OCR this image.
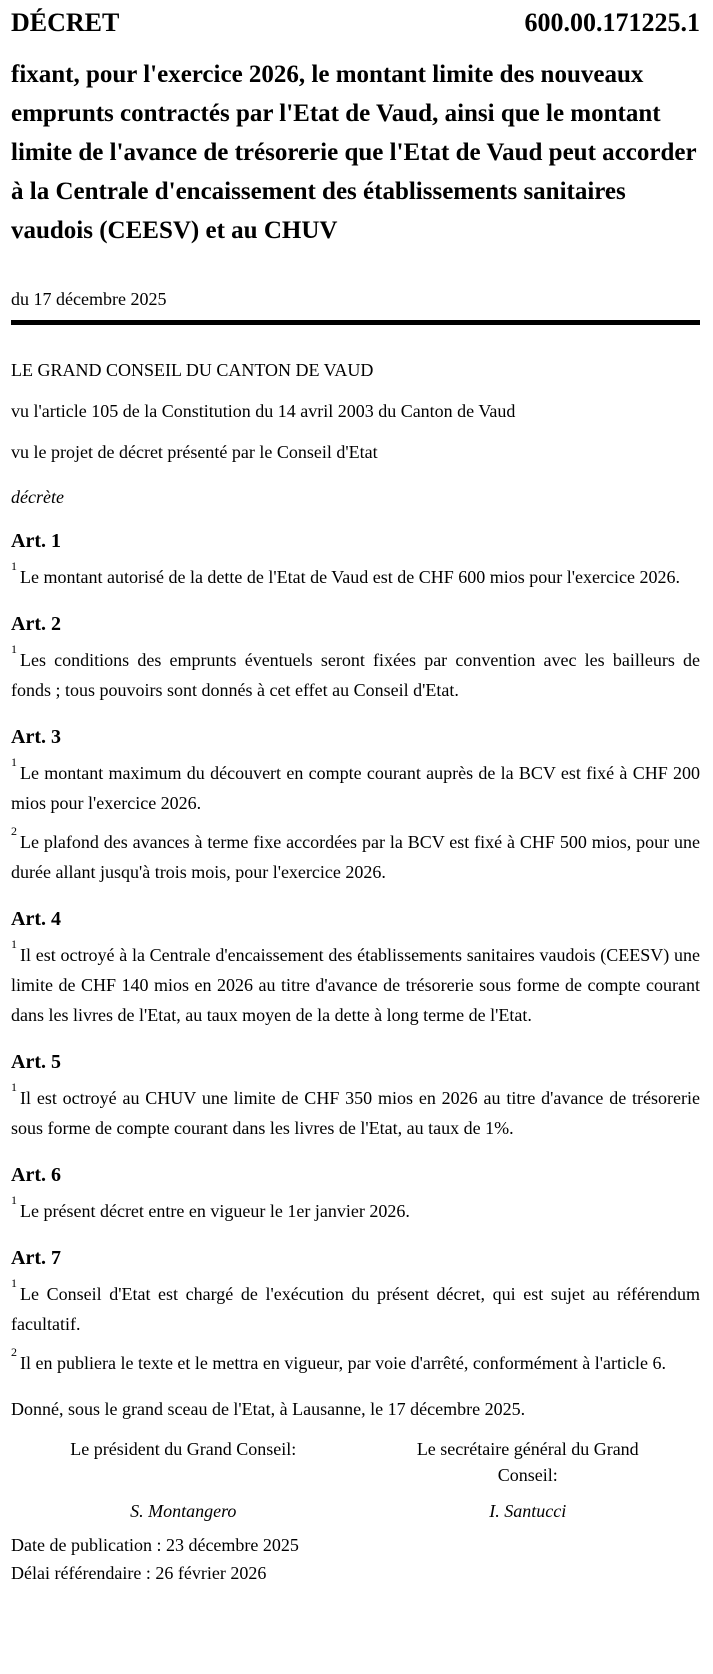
DÉCRET	600.00.171225.1
fixant, pour l'exercice 2026, le montant limite des nouveaux emprunts contractés par l'Etat de Vaud, ainsi que le montant limite de l'avance de trésorerie que l'Etat de Vaud peut accorder à la Centrale d'encaissement des établissements sanitaires vaudois (CEESV) et au CHUV
du 17 décembre 2025
LE GRAND CONSEIL DU CANTON DE VAUD
vu l'article 105 de la Constitution du 14 avril 2003 du Canton de Vaud
vu le projet de décret présenté par le Conseil d'Etat
décrète
Art. 1

$^1$Le montant autorisé de la dette de l'Etat de Vaud est de CHF 600 mios pour l'exercice 2026.

Art. 2

$^1$Les conditions des emprunts éventuels seront fixées par convention avec les bailleurs de fonds ; tous pouvoirs sont donnés à cet effet au Conseil d'Etat.

Art. 3

$^1$Le montant maximum du découvert en compte courant auprès de la BCV est fixé à CHF 200 mios pour l'exercice 2026.

$^2$Le plafond des avances à terme fixe accordées par la BCV est fixé à CHF 500 mios, pour une durée allant jusqu'à trois mois, pour l'exercice 2026.

Art. 4

$^1$Il est octroyé à la Centrale d'encaissement des établissements sanitaires vaudois (CEESV) une limite de CHF 140 mios en 2026 au titre d'avance de trésorerie sous forme de compte courant dans les livres de l'Etat, au taux moyen de la dette à long terme de l'Etat.

Art. 5

$^1$Il est octroyé au CHUV une limite de CHF 350 mios en 2026 au titre d'avance de trésorerie sous forme de compte courant dans les livres de l'Etat, au taux de 1%.

Art. 6

$^1$Le présent décret entre en vigueur le 1er janvier 2026.

Art. 7

$^1$Le Conseil d'Etat est chargé de l'exécution du présent décret, qui est sujet au référendum facultatif.

$^2$Il en publiera le texte et le mettra en vigueur, par voie d'arrêté, conformément à l'article 6.

Donné, sous le grand sceau de l'Etat, à Lausanne, le 17 décembre 2025.
Le président du Grand Conseil:	Le secrétaire général du Grand Conseil:
S. Montangero	I. Santucci
Date de publication : 23 décembre 2025
Délai référendaire : 26 février 2026
